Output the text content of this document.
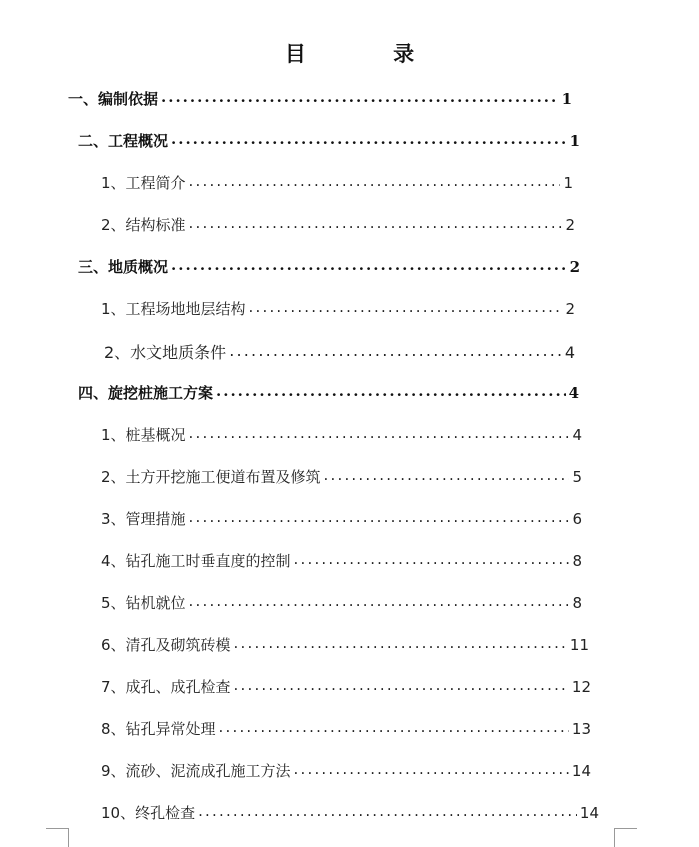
目 录
一、编制依据 .....	1
二、工程概况 .....	1
1、工程简介 .....	1
2、结构标准 .....	2
三、地质概况 .....	2
1、工程场地地层结构 .....	2
2、水文地质条件 .....	4
四、旋挖桩施工方案 .....	4
1、桩基概况 .....	4
2、土方开挖施工便道布置及修筑 .....	5
3、管理措施 .....	6
4、钻孔施工时垂直度的控制 .....	8
5、钻机就位 .....	8
6、清孔及砌筑砖模 .....	11
7、成孔、成孔检查 .....	12
8、钻孔异常处理 .....	13
9、流砂、泥流成孔施工方法 .....	14
10、终孔检查 .....	14
